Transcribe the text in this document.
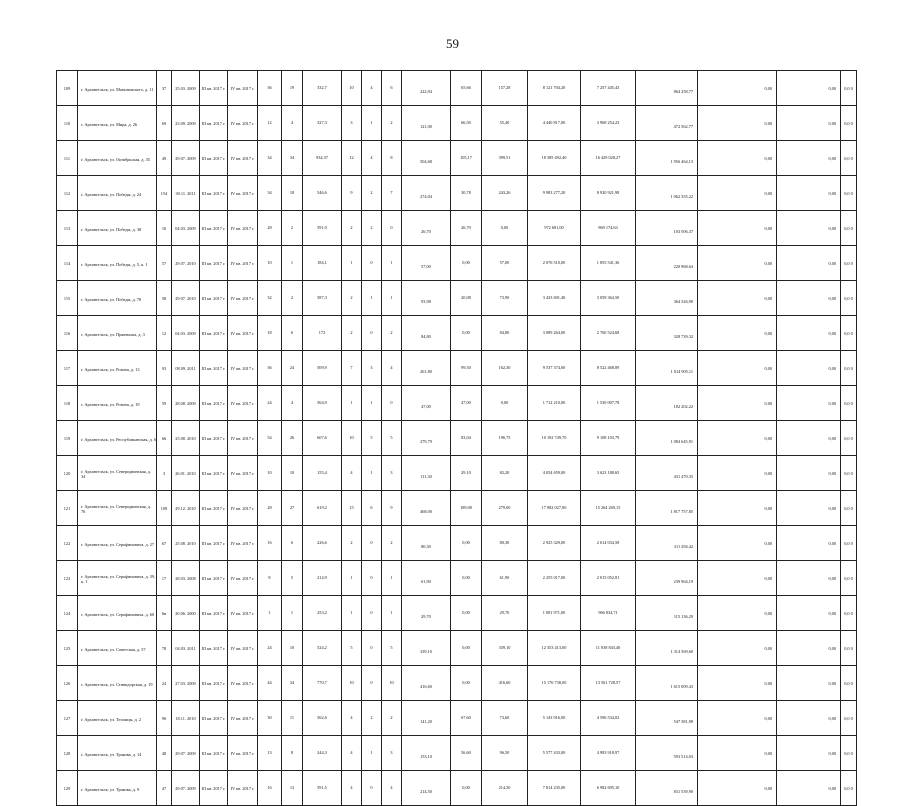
59
109	г. Архангельск, ул. Мамоновского, д. 11	37	25.03. 2009	III кв. 2017 г.	IV кв. 2017 г.	36	19	332,7	10	4	6	222,94	65,66	157,28	8 121 704,20	7 257 445,43	864 258,77	0,00	0,00	0,0 0
110	г. Архангельск, ул. Мира, д. 26	69	23.09. 2009	III кв. 2017 г.	IV кв. 2017 г.	12	4	327,3	3	1	2	121,00	66,50	55,40	4 440 817,00	3 968 254,23	472 562,77	0,00	0,00	0,0 0
111	г. Архангельск, ул. Октябрьская, д. 35	49	29.07. 2009	III кв. 2017 г.	IV кв. 2017 г.	34	34	934,37	12	4	8	504,68	105,17	399,51	18 385 492,40	16 429 028,27	1 956 464,13	0,00	0,00	0,0 0
112	г. Архангельск, ул. Победы, д. 24	154	30.11. 2011	III кв. 2017 г.	IV кв. 2017 г.	34	18	546,6	9	2	7	274,04	30,78	243,26	9 983 277,20	8 920 921,98	1 062 355,22	0,00	0,00	0,0 0
113	г. Архангельск, ул. Победы, д. 38	16	04.03. 2009	III кв. 2017 г.	IV кв. 2017 г.	28	2	591,9	2	2	0	26,70	26,70	0,00	972 681,00	869 174,63	103 506,37	0,00	0,00	0,0 0
114	г. Архангельск, ул. Победы, д. 5, к. 1	57	29.07. 2010	III кв. 2017 г.	IV кв. 2017 г.	10	1	184,1	1	0	1	57,00	0,00	57,00	2 076 510,00	1 855 541,36	220 968,64	0,00	0,00	0,0 0
115	г. Архангельск, ул. Победы, д. 78	58	29.07. 2010	III кв. 2017 г.	IV кв. 2017 г.	32	2	587,3	2	1	1	93,98	20,08	73,90	3 423 691,40	3 059 364,50	364 326,90	0,00	0,00	0,0 0
116	г. Архангельск, ул. Пржевалка, д. 3	12	04.03. 2009	III кв. 2017 г.	IV кв. 2017 г.	18	6	172	2	0	2	84,80	0,00	84,80	3 089 264,00	2 760 524,68	328 739,32	0,00	0,00	0,0 0
117	г. Архангельск, ул. Розина, д. 13	93	08.09. 2011	III кв. 2017 г.	IV кв. 2017 г.	36	24	509,9	7	3	4	261,80	99,50	162,30	9 537 374,00	8 522 468,89	1 014 905,11	0,00	0,00	0,0 0
118	г. Архангельск, ул. Розина, д. 19	59	28.08. 2009	III кв. 2017 г.	IV кв. 2017 г.	24	4	564,9	1	1	0	47,00	47,00	0,00	1 712 210,00	1 530 007,78	182 202,22	0,00	0,00	0,0 0
119	г. Архангельск, ул. Республиканская, д. 6	66	25.08. 2010	III кв. 2017 г.	IV кв. 2017 г.	54	26	607,6	10	5	5	279,79	83,04	196,75	10 192 749,70	9 108 103,79	1 084 645,91	0,00	0,00	0,0 0
120	г. Архангельск, ул. Северодвинская, д. 34	3	26.01. 2010	III кв. 2017 г.	IV кв. 2017 г.	10	10	155,4	4	1	3	111,30	29,10	82,20	4 054 659,00	3 623 188,65	431 470,35	0,00	0,00	0,0 0
121	г. Архангельск, ул. Северодвинская, д. 76	108	29.12. 2010	III кв. 2017 г.	IV кв. 2017 г.	28	27	619,2	15	6	9	468,00	189,00	279,00	17 082 027,00	15 264 269,15	1 817 757,85	0,00	0,00	0,0 0
122	г. Архангельск, ул. Серафимовича, д. 27	67	25.08. 2010	III кв. 2017 г.	IV кв. 2017 г.	16	6	226,6	2	0	2	80,30	0,00	80,30	2 925 329,00	2 614 034,58	311 294,42	0,00	0,00	0,0 0
123	г. Архангельск, ул. Серафимовича, д. 39, к. 1	17	28.03. 2008	III кв. 2017 г.	IV кв. 2017 г.	8	5	214,9	1	0	1	61,90	0,00	61,90	2 255 017,00	2 015 052,81	239 964,19	0,00	0,00	0,0 0
124	г. Архангельск, ул. Серафимовича, д. 60	6н	20.06. 2000	III кв. 2017 г.	IV кв. 2017 г.	1	1	253,2	1	0	1	29,70	0,00	29,70	1 081 971,00	966 834,71	115 136,29	0,00	0,00	0,0 0
125	г. Архангельск, ул. Советская, д. 57	78	04.03. 2011	III кв. 2017 г.	IV кв. 2017 г.	24	10	524,2	5	0	5	339,10	0,00	339,10	12 353 413,00	11 038 843,40	1 314 569,60	0,00	0,00	0,0 0
126	г. Архангельск, ул. Стивидорская, д. 19	24	27.03. 2009	III кв. 2017 г.	IV кв. 2017 г.	44	34	770,7	10	0	10	416,60	0,00	416,60	15 176 738,00	13 561 728,57	1 615 009,43	0,00	0,00	0,0 0
127	г. Архангельск, ул. Теплицы, д. 2	90	18.11. 2010	III кв. 2017 г.	IV кв. 2017 г.	30	11	562,6	4	2	2	141,20	67,60	73,60	5 143 916,00	4 596 534,02	547 381,98	0,00	0,00	0,0 0
128	г. Архангельск, ул. Тракова, д. 14	48	29.07. 2009	III кв. 2017 г.	IV кв. 2017 г.	13	8	244,3	4	1	3	153,10	56,60	96,50	5 577 433,00	4 983 918,97	593 514,03	0,00	0,00	0,0 0
129	г. Архангельск, ул. Тракова, д. 9	47	29.07. 2009	III кв. 2017 г.	IV кв. 2017 г.	16	13	591,5	4	0	4	214,50	0,00	214,50	7 814 235,00	6 982 695,10	831 539,90	0,00	0,00	0,0 0
